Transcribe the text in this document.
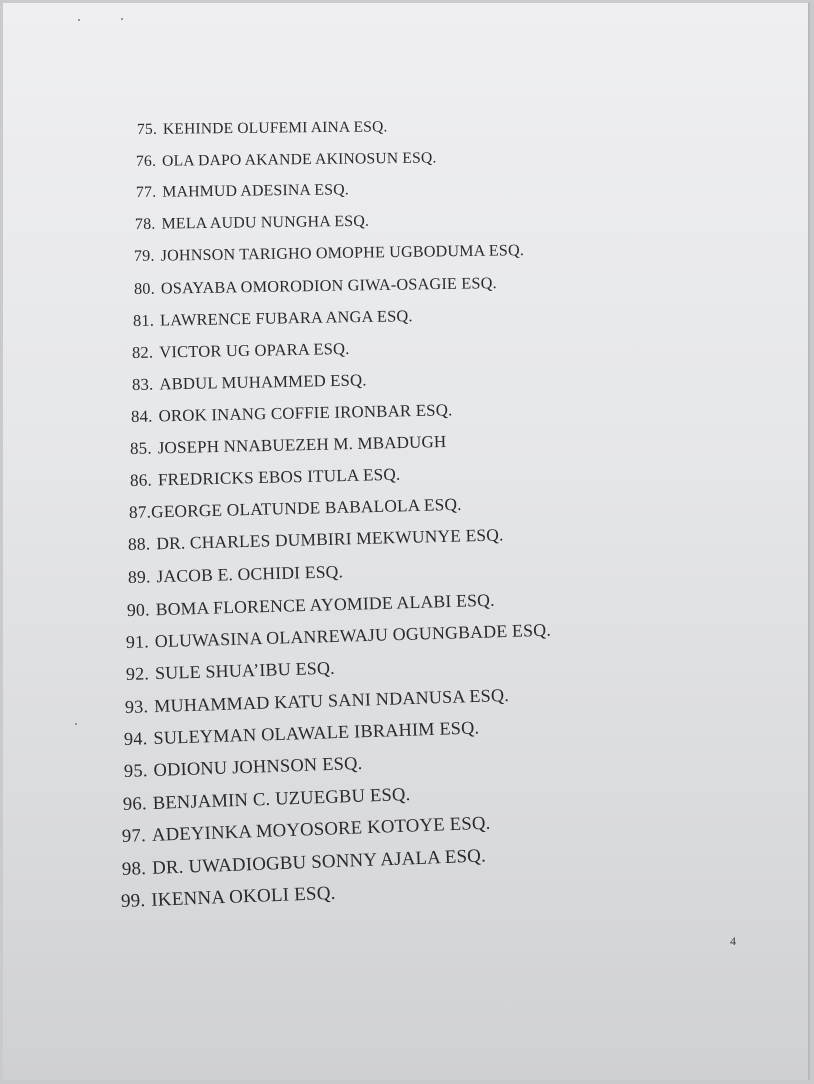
75. KEHINDE OLUFEMI AINA ESQ.
76. OLA DAPO AKANDE AKINOSUN ESQ.
77. MAHMUD ADESINA ESQ.
78. MELA AUDU NUNGHA ESQ.
79. JOHNSON TARIGHO OMOPHE UGBODUMA ESQ.
80. OSAYABA OMORODION GIWA-OSAGIE ESQ.
81. LAWRENCE FUBARA ANGA ESQ.
82. VICTOR UG OPARA ESQ.
83. ABDUL MUHAMMED ESQ.
84. OROK INANG COFFIE IRONBAR ESQ.
85. JOSEPH NNABUEZEH M. MBADUGH
86. FREDRICKS EBOS ITULA ESQ.
87.GEORGE OLATUNDE BABALOLA ESQ.
88. DR. CHARLES DUMBIRI MEKWUNYE ESQ.
89. JACOB E. OCHIDI ESQ.
90. BOMA FLORENCE AYOMIDE ALABI ESQ.
91. OLUWASINA OLANREWAJU OGUNGBADE ESQ.
92. SULE SHUA’IBU ESQ.
93. MUHAMMAD KATU SANI NDANUSA ESQ.
94. SULEYMAN OLAWALE IBRAHIM ESQ.
95. ODIONU JOHNSON ESQ.
96. BENJAMIN C. UZUEGBU ESQ.
97. ADEYINKA MOYOSORE KOTOYE ESQ.
98. DR. UWADIOGBU SONNY AJALA ESQ.
99. IKENNA OKOLI ESQ.
4
